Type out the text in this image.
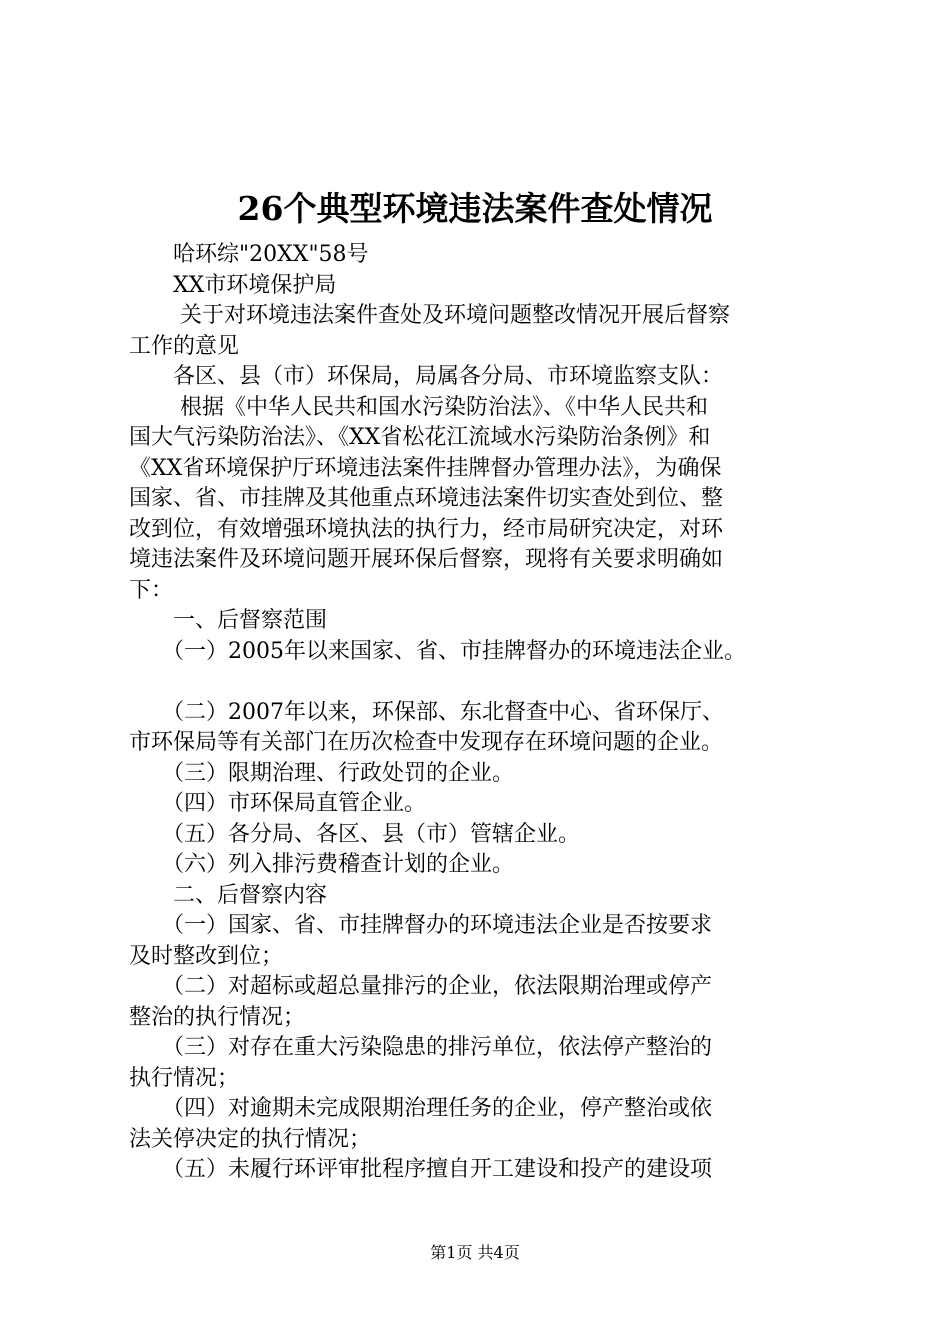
26个典型环境违法案件查处情况

　　哈环综"20XX"58号

　　XX市环境保护局

　　 关于对环境违法案件查处及环境问题整改情况开展后督察

工作的意见

　　各区、县（市）环保局，局属各分局、市环境监察支队：

　　 根据《中华人民共和国水污染防治法》、《中华人民共和

国大气污染防治法》、《XX省松花江流域水污染防治条例》和

《XX省环境保护厅环境违法案件挂牌督办管理办法》，为确保

国家、省、市挂牌及其他重点环境违法案件切实查处到位、整

改到位，有效增强环境执法的执行力，经市局研究决定，对环

境违法案件及环境问题开展环保后督察，现将有关要求明确如

下：

　　一、后督察范围

　　（一）2005年以来国家、省、市挂牌督办的环境违法企业。

　　（二）2007年以来，环保部、东北督查中心、省环保厅、

市环保局等有关部门在历次检查中发现存在环境问题的企业。

　　（三）限期治理、行政处罚的企业。

　　（四）市环保局直管企业。

　　（五）各分局、各区、县（市）管辖企业。

　　（六）列入排污费稽查计划的企业。

　　二、后督察内容

　　（一）国家、省、市挂牌督办的环境违法企业是否按要求

及时整改到位；

　　（二）对超标或超总量排污的企业，依法限期治理或停产

整治的执行情况；

　　（三）对存在重大污染隐患的排污单位，依法停产整治的

执行情况；

　　（四）对逾期未完成限期治理任务的企业，停产整治或依

法关停决定的执行情况；

　　（五）未履行环评审批程序擅自开工建设和投产的建设项

第1页 共4页
